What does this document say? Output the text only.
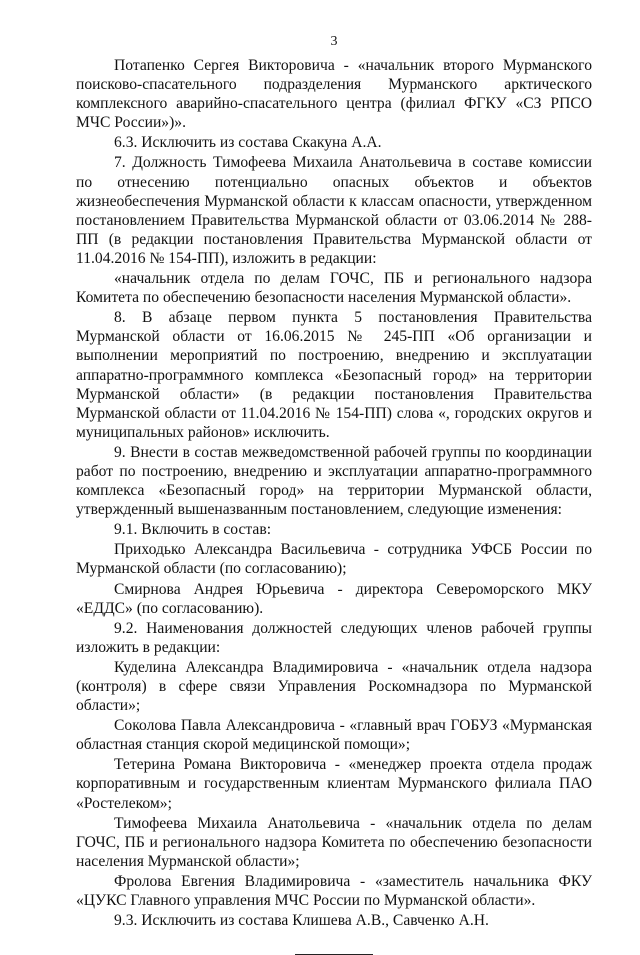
3

Потапенко Сергея Викторовича - «начальник второго Мурманского поисково-спасательного подразделения Мурманского арктического комплексного аварийно-спасательного центра (филиал ФГКУ «СЗ РПСО МЧС России»)».

6.3. Исключить из состава Скакуна А.А.

7. Должность Тимофеева Михаила Анатольевича в составе комиссии по отнесению потенциально опасных объектов и объектов жизнеобеспечения Мурманской области к классам опасности, утвержденном постановлением Правительства Мурманской области от 03.06.2014 № 288-ПП (в редакции постановления Правительства Мурманской области от 11.04.2016 № 154-ПП), изложить в редакции:

«начальник отдела по делам ГОЧС, ПБ и регионального надзора Комитета по обеспечению безопасности населения Мурманской области».

8. В абзаце первом пункта 5 постановления Правительства Мурманской области от 16.06.2015 № 245-ПП «Об организации и выполнении мероприятий по построению, внедрению и эксплуатации аппаратно-программного комплекса «Безопасный город» на территории Мурманской области» (в редакции постановления Правительства Мурманской области от 11.04.2016 № 154-ПП) слова «, городских округов и муниципальных районов» исключить.

9. Внести в состав межведомственной рабочей группы по координации работ по построению, внедрению и эксплуатации аппаратно-программного комплекса «Безопасный город» на территории Мурманской области, утвержденный вышеназванным постановлением, следующие изменения:

9.1. Включить в состав:

Приходько Александра Васильевича - сотрудника УФСБ России по Мурманской области (по согласованию);

Смирнова Андрея Юрьевича - директора Североморского МКУ «ЕДДС» (по согласованию).

9.2. Наименования должностей следующих членов рабочей группы изложить в редакции:

Куделина Александра Владимировича - «начальник отдела надзора (контроля) в сфере связи Управления Роскомнадзора по Мурманской области»;

Соколова Павла Александровича - «главный врач ГОБУЗ «Мурманская областная станция скорой медицинской помощи»;

Тетерина Романа Викторовича - «менеджер проекта отдела продаж корпоративным и государственным клиентам Мурманского филиала ПАО «Ростелеком»;

Тимофеева Михаила Анатольевича - «начальник отдела по делам ГОЧС, ПБ и регионального надзора Комитета по обеспечению безопасности населения Мурманской области»;

Фролова Евгения Владимировича - «заместитель начальника ФКУ «ЦУКС Главного управления МЧС России по Мурманской области».

9.3. Исключить из состава Клишева А.В., Савченко А.Н.
